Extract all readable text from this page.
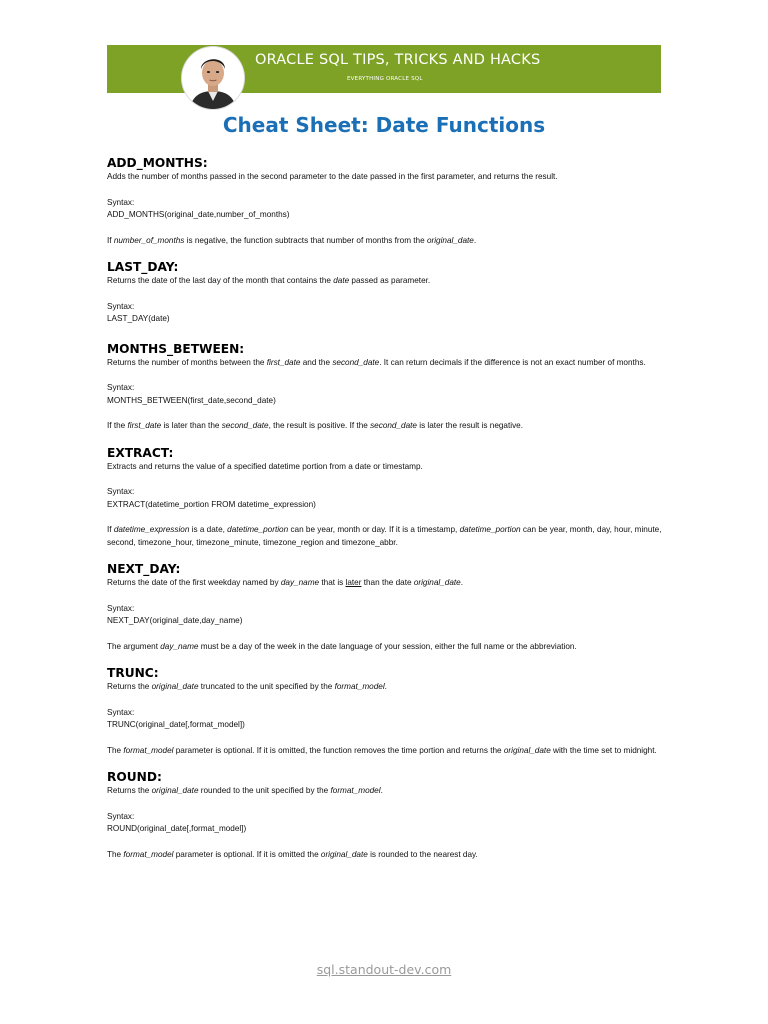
ORACLE SQL TIPS, TRICKS AND HACKS
EVERYTHING ORACLE SQL
Cheat Sheet: Date Functions

ADD_MONTHS:

Adds the number of months passed in the second parameter to the date passed in the first parameter, and returns the result.

Syntax:

ADD_MONTHS(original_date,number_of_months)

If number_of_months is negative, the function subtracts that number of months from the original_date.

LAST_DAY:

Returns the date of the last day of the month that contains the date passed as parameter.

Syntax:

LAST_DAY(date)

MONTHS_BETWEEN:

Returns the number of months between the first_date and the second_date. It can return decimals if the difference is not an exact number of months.

Syntax:

MONTHS_BETWEEN(first_date,second_date)

If the first_date is later than the second_date, the result is positive. If the second_date is later the result is negative.

EXTRACT:

Extracts and returns the value of a specified datetime portion from a date or timestamp.

Syntax:

EXTRACT(datetime_portion FROM datetime_expression)

If datetime_expression is a date, datetime_portion can be year, month or day. If it is a timestamp, datetime_portion can be year, month, day, hour, minute, second, timezone_hour, timezone_minute, timezone_region and timezone_abbr.

NEXT_DAY:

Returns the date of the first weekday named by day_name that is later than the date original_date.

Syntax:

NEXT_DAY(original_date,day_name)

The argument day_name must be a day of the week in the date language of your session, either the full name or the abbreviation.

TRUNC:

Returns the original_date truncated to the unit specified by the format_model.

Syntax:

TRUNC(original_date[,format_model])

The format_model parameter is optional. If it is omitted, the function removes the time portion and returns the original_date with the time set to midnight.

ROUND:

Returns the original_date rounded to the unit specified by the format_model.

Syntax:

ROUND(original_date[,format_model])

The format_model parameter is optional. If it is omitted the original_date is rounded to the nearest day.

sql.standout-dev.com
